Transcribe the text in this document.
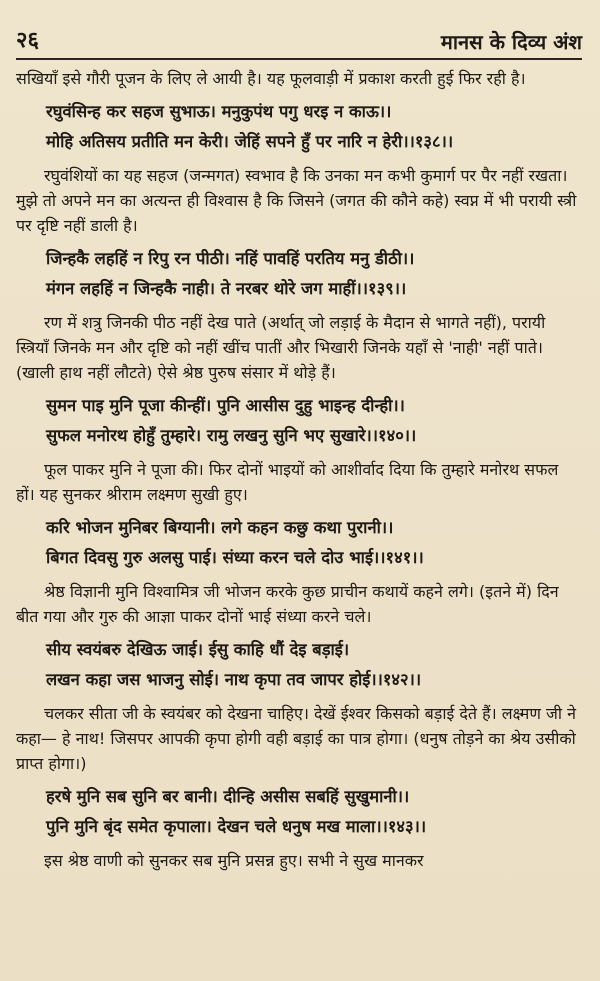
२६	मानस के दिव्य अंश

सखियाँ इसे गौरी पूजन के लिए ले आयी है। यह फूलवाड़ी में प्रकाश करती हुई फिर रही है।

रघुवंसिन्ह कर सहज सुभाऊ। मनुकुपंथ पगु धरइ न काऊ।।

मोहि अतिसय प्रतीति मन केरी। जेहिं सपने हुँ पर नारि न हेरी।।१३८।।

रघुवंशियों का यह सहज (जन्मगत) स्वभाव है कि उनका मन कभी कुमार्ग पर पैर नहीं रखता। मुझे तो अपने मन का अत्यन्त ही विश्वास है कि जिसने (जगत की कौने कहे) स्वप्न में भी परायी स्त्री पर दृष्टि नहीं डाली है।

जिन्हकै लहहिं न रिपु रन पीठी। नहिं पावहिं परतिय मनु डीठी।।

मंगन लहहिं न जिन्हकै नाही। ते नरबर थोरे जग माहीं।।१३९।।

रण में शत्रु जिनकी पीठ नहीं देख पाते (अर्थात् जो लड़ाई के मैदान से भागते नहीं), परायी स्त्रियाँ जिनके मन और दृष्टि को नहीं खींच पातीं और भिखारी जिनके यहाँ से 'नाही' नहीं पाते। (खाली हाथ नहीं लौटते) ऐसे श्रेष्ठ पुरुष संसार में थोड़े हैं।

सुमन पाइ मुनि पूजा कीन्हीं। पुनि आसीस दुहु भाइन्ह दीन्ही।।

सुफल मनोरथ होहुँ तुम्हारे। रामु लखनु सुनि भए सुखारे।।१४०।।

फूल पाकर मुनि ने पूजा की। फिर दोनों भाइयों को आशीर्वाद दिया कि तुम्हारे मनोरथ सफल हों। यह सुनकर श्रीराम लक्ष्मण सुखी हुए।

करि भोजन मुनिबर बिग्यानी। लगे कहन कछु कथा पुरानी।।

बिगत दिवसु गुरु अलसु पाई। संध्या करन चले दोउ भाई।।१४१।।

श्रेष्ठ विज्ञानी मुनि विश्वामित्र जी भोजन करके कुछ प्राचीन कथायें कहने लगे। (इतने में) दिन बीत गया और गुरु की आज्ञा पाकर दोनों भाई संध्या करने चले।

सीय स्वयंबरु देखिऊ जाई। ईसु काहि धौं देइ बड़ाई।

लखन कहा जस भाजनु सोई। नाथ कृपा तव जापर होई।।१४२।।

चलकर सीता जी के स्वयंबर को देखना चाहिए। देखें ईश्वर किसको बड़ाई देते हैं। लक्ष्मण जी ने कहा— हे नाथ! जिसपर आपकी कृपा होगी वही बड़ाई का पात्र होगा। (धनुष तोड़ने का श्रेय उसीको प्राप्त होगा।)

हरषे मुनि सब सुनि बर बानी। दीन्हि असीस सबहिं सुखुमानी।।

पुनि मुनि बृंद समेत कृपाला। देखन चले धनुष मख माला।।१४३।।

इस श्रेष्ठ वाणी को सुनकर सब मुनि प्रसन्न हुए। सभी ने सुख मानकर
